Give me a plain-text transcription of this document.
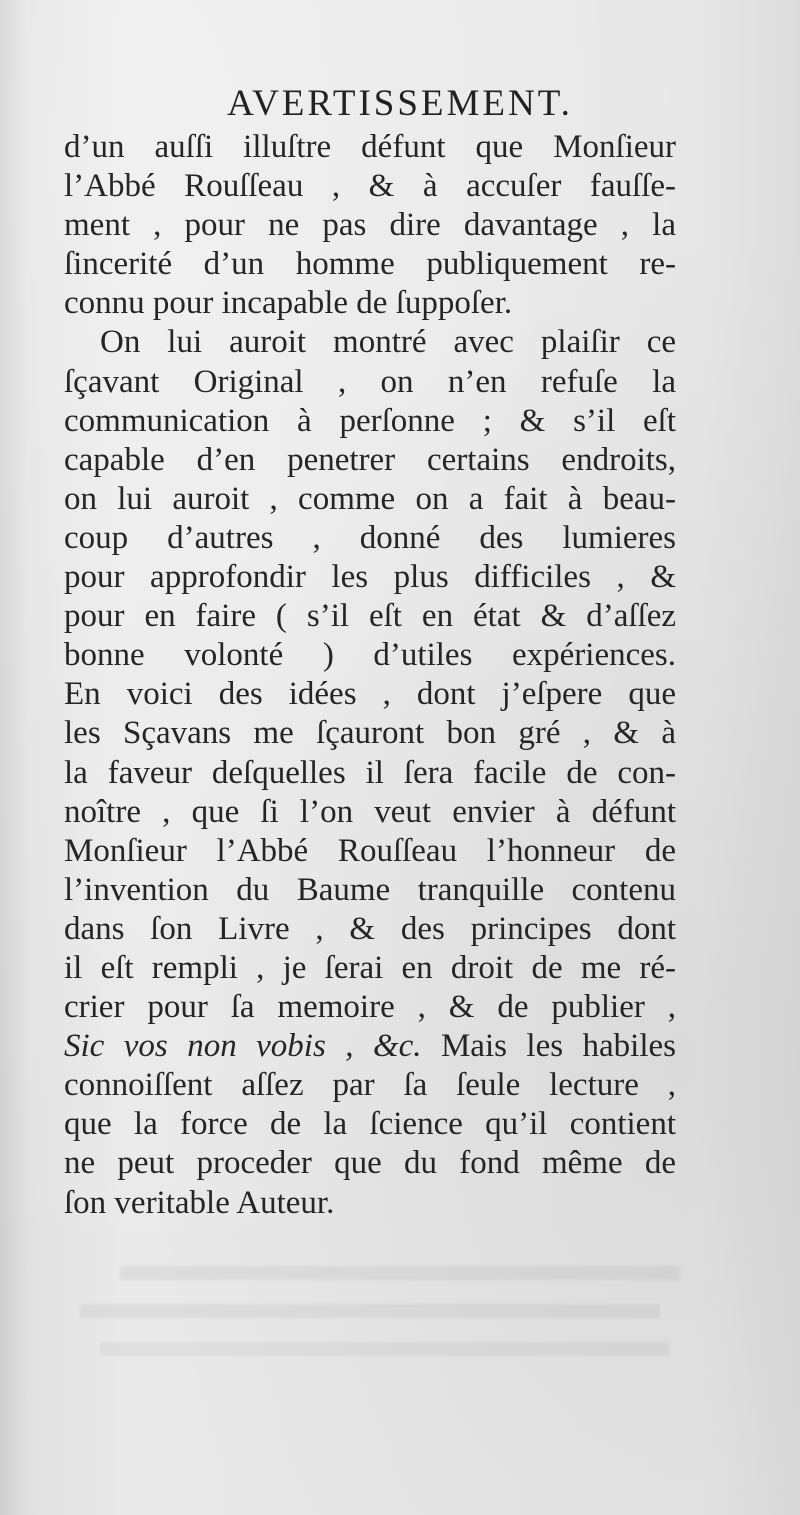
AVERTISSEMENT.
d’un auſſi illuſtre défunt que Monſieur
l’Abbé Rouſſeau , & à accuſer fauſſe-
ment , pour ne pas dire davantage , la
ſincerité d’un homme publiquement re-
connu pour incapable de ſuppoſer.
On lui auroit montré avec plaiſir ce
ſçavant Original , on n’en refuſe la
communication à perſonne ; & s’il eſt
capable d’en penetrer certains endroits,
on lui auroit , comme on a fait à beau-
coup d’autres , donné des lumieres
pour approfondir les plus difficiles , &
pour en faire ( s’il eſt en état & d’aſſez
bonne volonté ) d’utiles expériences.
En voici des idées , dont j’eſpere que
les Sçavans me ſçauront bon gré , & à
la faveur deſquelles il ſera facile de con-
noître , que ſi l’on veut envier à défunt
Monſieur l’Abbé Rouſſeau l’honneur de
l’invention du Baume tranquille contenu
dans ſon Livre , & des principes dont
il eſt rempli , je ſerai en droit de me ré-
crier pour ſa memoire , & de publier ,
Sic vos non vobis , &c. Mais les habiles
connoiſſent aſſez par ſa ſeule lecture ,
que la force de la ſcience qu’il contient
ne peut proceder que du fond même de
ſon veritable Auteur.
